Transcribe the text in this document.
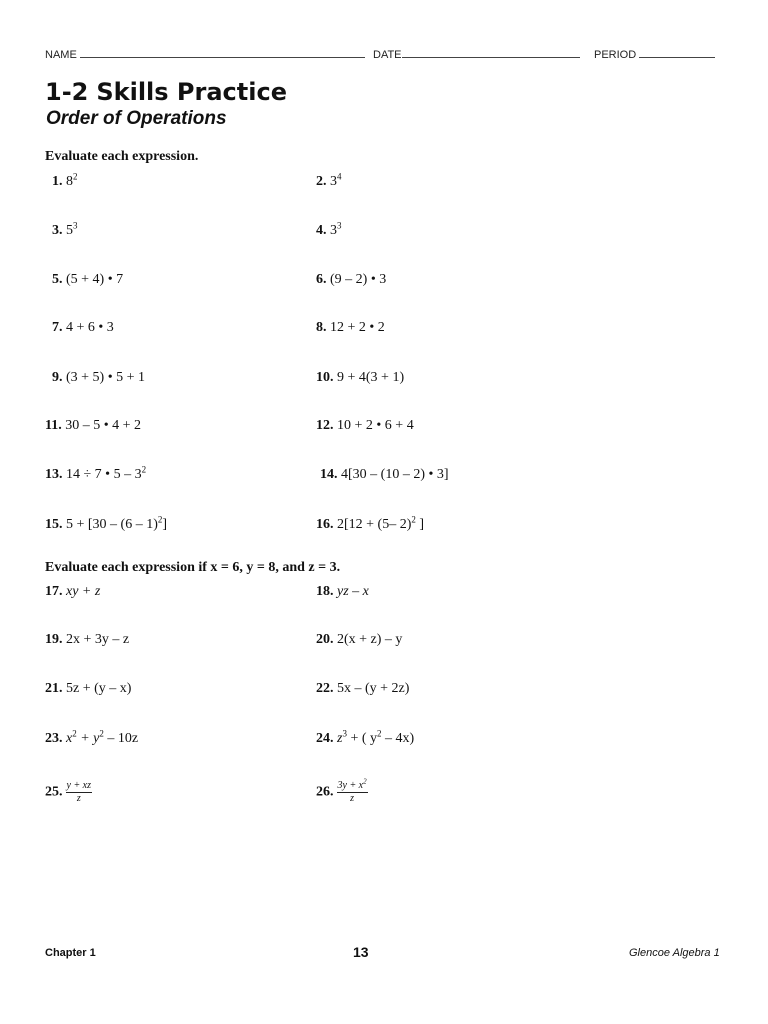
NAME	DATE	PERIOD
1-2 Skills Practice
Order of Operations
Evaluate each expression.
1. $8^2$	2. $3^4$
3. $5^3$	4. $3^3$
5. (5 + 4) • 7	6. (9 – 2) • 3
7. 4 + 6 • 3	8. 12 + 2 • 2
9. (3 + 5) • 5 + 1	10. 9 + 4(3 + 1)
11. 30 – 5 • 4 + 2	12. 10 + 2 • 6 + 4
13. 14 ÷ 7 • $5 - 3^2$	14. 4[30 – (10 – 2) • 3]
15. 5 + [30 – (6 – 1)$^2$]	16. 2[12 + (5– 2)$^2$ ]
Evaluate each expression if x = 6, y = 8, and z = 3.
17. xy + z	18. yz – x
19. 2x + 3y – z	20. 2(x + z) – y
21. 5z + (y – x)	22. 5x – (y + 2z)
23. $x^2 + y^2 - 10z$	24. $z^3$ + ( $y^2 - 4x$)
25. $\frac{y + xz}{z}$	26. $\frac{3y + x^2}{z}$
Chapter 1	13	Glencoe Algebra 1
